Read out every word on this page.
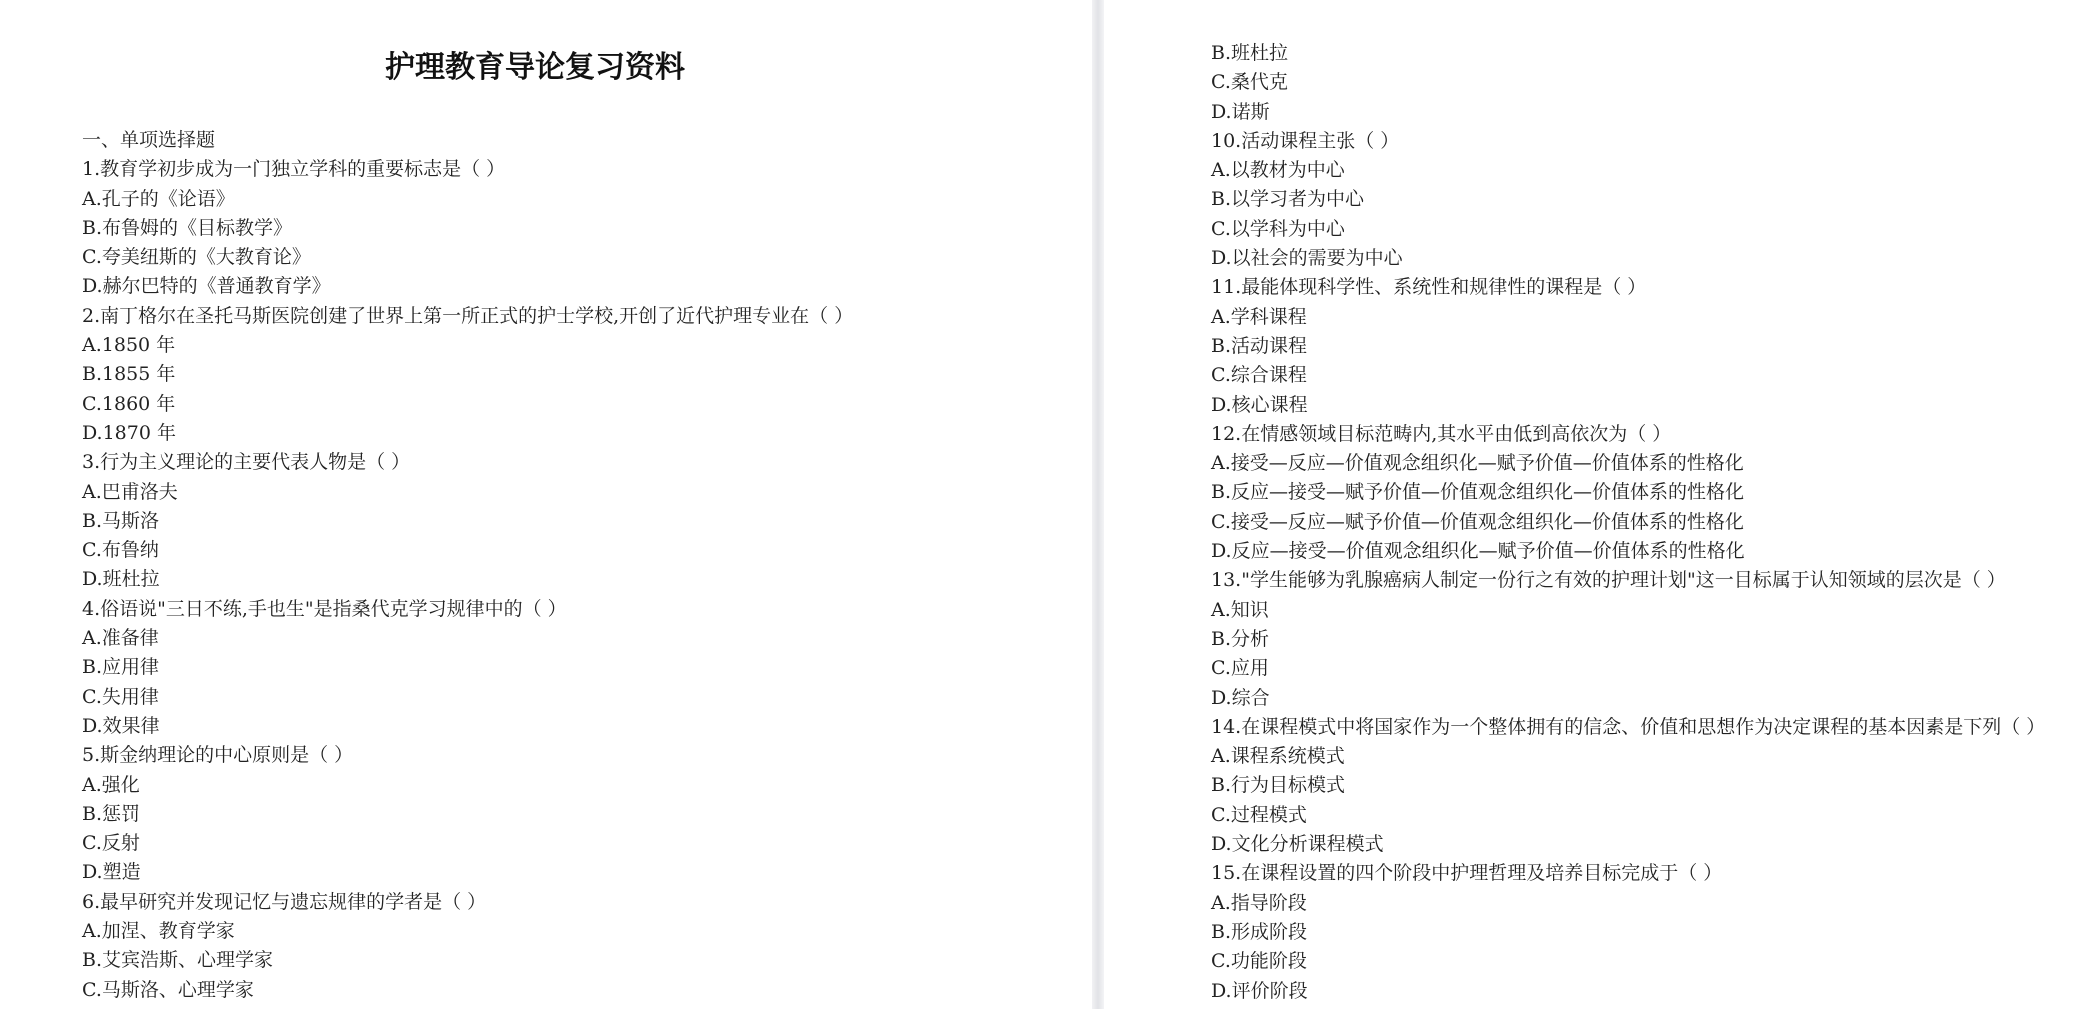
护理教育导论复习资料
一、单项选择题
1.教育学初步成为一门独立学科的重要标志是（ ）
A.孔子的《论语》
B.布鲁姆的《目标教学》
C.夸美纽斯的《大教育论》
D.赫尔巴特的《普通教育学》
2.南丁格尔在圣托马斯医院创建了世界上第一所正式的护士学校,开创了近代护理专业在（ ）
A.1850 年
B.1855 年
C.1860 年
D.1870 年
3.行为主义理论的主要代表人物是（ ）
A.巴甫洛夫
B.马斯洛
C.布鲁纳
D.班杜拉
4.俗语说"三日不练,手也生"是指桑代克学习规律中的（ ）
A.准备律
B.应用律
C.失用律
D.效果律
5.斯金纳理论的中心原则是（ ）
A.强化
B.惩罚
C.反射
D.塑造
6.最早研究并发现记忆与遗忘规律的学者是（ ）
A.加涅、教育学家
B.艾宾浩斯、心理学家
C.马斯洛、心理学家
B.班杜拉
C.桑代克
D.诺斯
10.活动课程主张（ ）
A.以教材为中心
B.以学习者为中心
C.以学科为中心
D.以社会的需要为中心
11.最能体现科学性、系统性和规律性的课程是（ ）
A.学科课程
B.活动课程
C.综合课程
D.核心课程
12.在情感领域目标范畴内,其水平由低到高依次为（ ）
A.接受—反应—价值观念组织化—赋予价值—价值体系的性格化
B.反应—接受—赋予价值—价值观念组织化—价值体系的性格化
C.接受—反应—赋予价值—价值观念组织化—价值体系的性格化
D.反应—接受—价值观念组织化—赋予价值—价值体系的性格化
13."学生能够为乳腺癌病人制定一份行之有效的护理计划"这一目标属于认知领域的层次是（ ）
A.知识
B.分析
C.应用
D.综合
14.在课程模式中将国家作为一个整体拥有的信念、价值和思想作为决定课程的基本因素是下列（ ）
A.课程系统模式
B.行为目标模式
C.过程模式
D.文化分析课程模式
15.在课程设置的四个阶段中护理哲理及培养目标完成于（ ）
A.指导阶段
B.形成阶段
C.功能阶段
D.评价阶段
